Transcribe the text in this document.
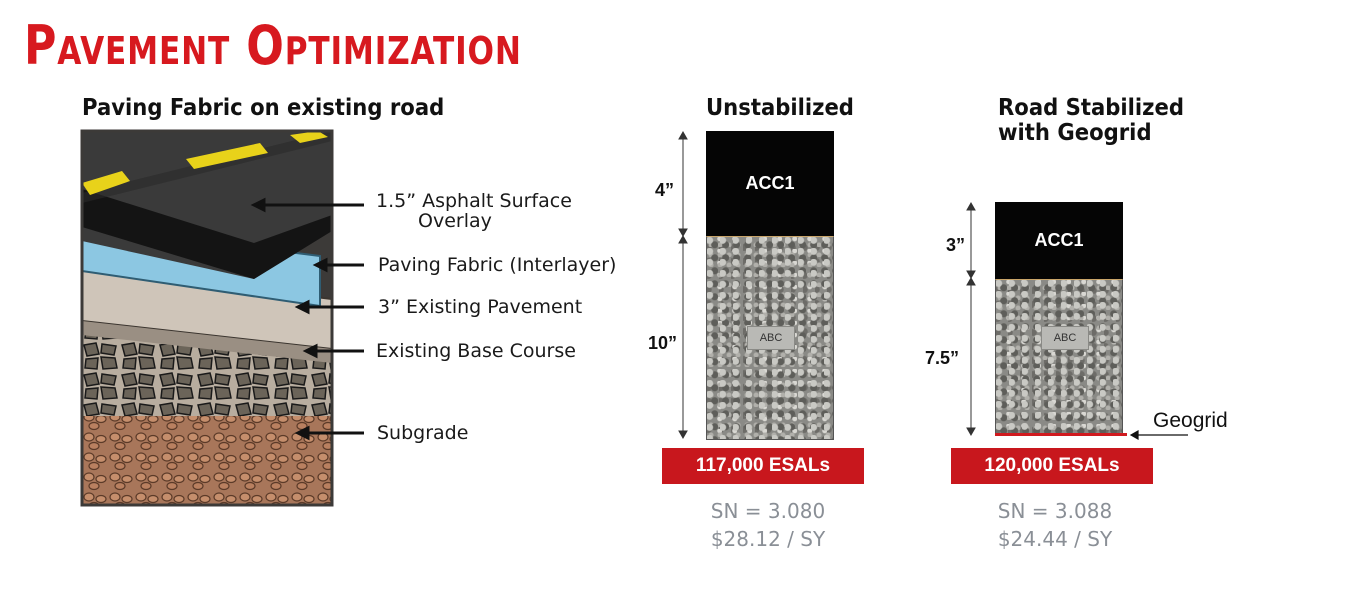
Pavement Optimization
Paving Fabric on existing road
1.5” Asphalt Surface
Overlay
Paving Fabric (Interlayer)
3” Existing Pavement
Existing Base Course
Subgrade
Unstabilized
4”
10”
ACC1
ABC
117,000 ESALs
SN = 3.080
$28.12 / SY
Road Stabilized
with Geogrid
3”
7.5”
ACC1
ABC
Geogrid
120,000 ESALs
SN = 3.088
$24.44 / SY
